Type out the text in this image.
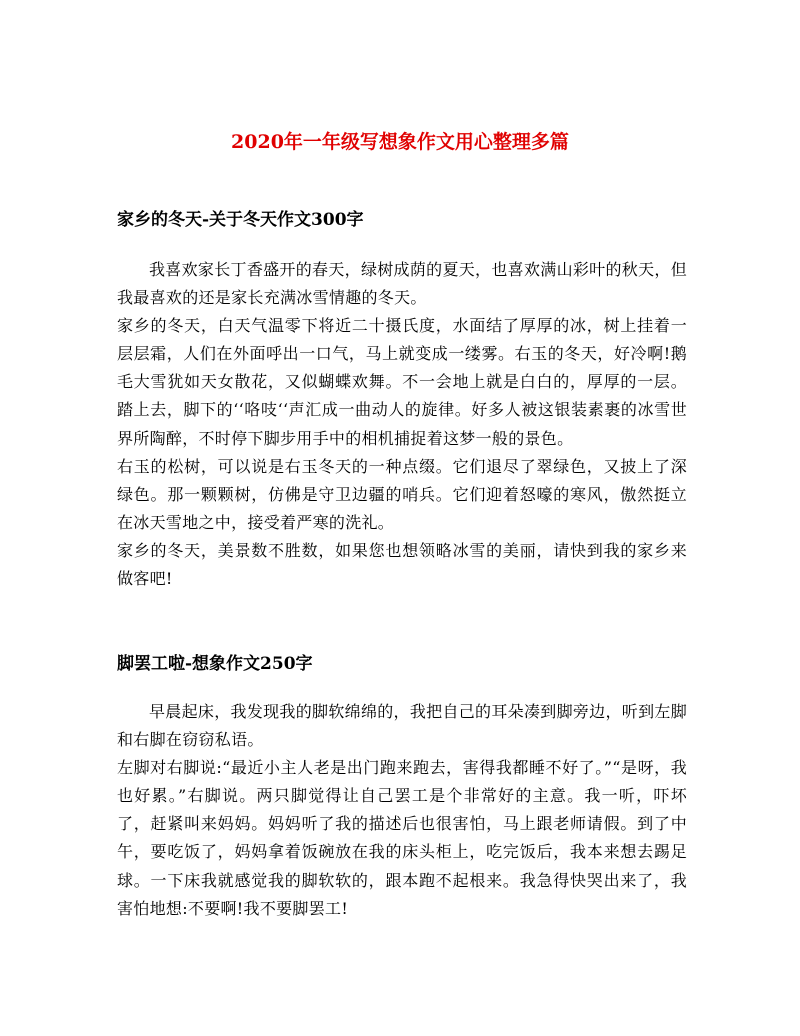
2020年一年级写想象作文用心整理多篇
家乡的冬天-关于冬天作文300字

我喜欢家长丁香盛开的春天，绿树成荫的夏天，也喜欢满山彩叶的秋天，但我最喜欢的还是家长充满冰雪情趣的冬天。

家乡的冬天，白天气温零下将近二十摄氏度，水面结了厚厚的冰，树上挂着一层层霜，人们在外面呼出一口气，马上就变成一缕雾。右玉的冬天，好冷啊!鹅毛大雪犹如天女散花，又似蝴蝶欢舞。不一会地上就是白白的，厚厚的一层。踏上去，脚下的‘‘咯吱‘‘声汇成一曲动人的旋律。好多人被这银装素裹的冰雪世界所陶醉，不时停下脚步用手中的相机捕捉着这梦一般的景色。

右玉的松树，可以说是右玉冬天的一种点缀。它们退尽了翠绿色，又披上了深绿色。那一颗颗树，仿佛是守卫边疆的哨兵。它们迎着怒嚎的寒风，傲然挺立在冰天雪地之中，接受着严寒的洗礼。

家乡的冬天，美景数不胜数，如果您也想领略冰雪的美丽，请快到我的家乡来做客吧!

脚罢工啦-想象作文250字

早晨起床，我发现我的脚软绵绵的，我把自己的耳朵凑到脚旁边，听到左脚和右脚在窃窃私语。

左脚对右脚说:“最近小主人老是出门跑来跑去，害得我都睡不好了。”“是呀，我也好累。”右脚说。两只脚觉得让自己罢工是个非常好的主意。我一听，吓坏了，赶紧叫来妈妈。妈妈听了我的描述后也很害怕，马上跟老师请假。到了中午，要吃饭了，妈妈拿着饭碗放在我的床头柜上，吃完饭后，我本来想去踢足球。一下床我就感觉我的脚软软的，跟本跑不起根来。我急得快哭出来了，我害怕地想:不要啊!我不要脚罢工!
